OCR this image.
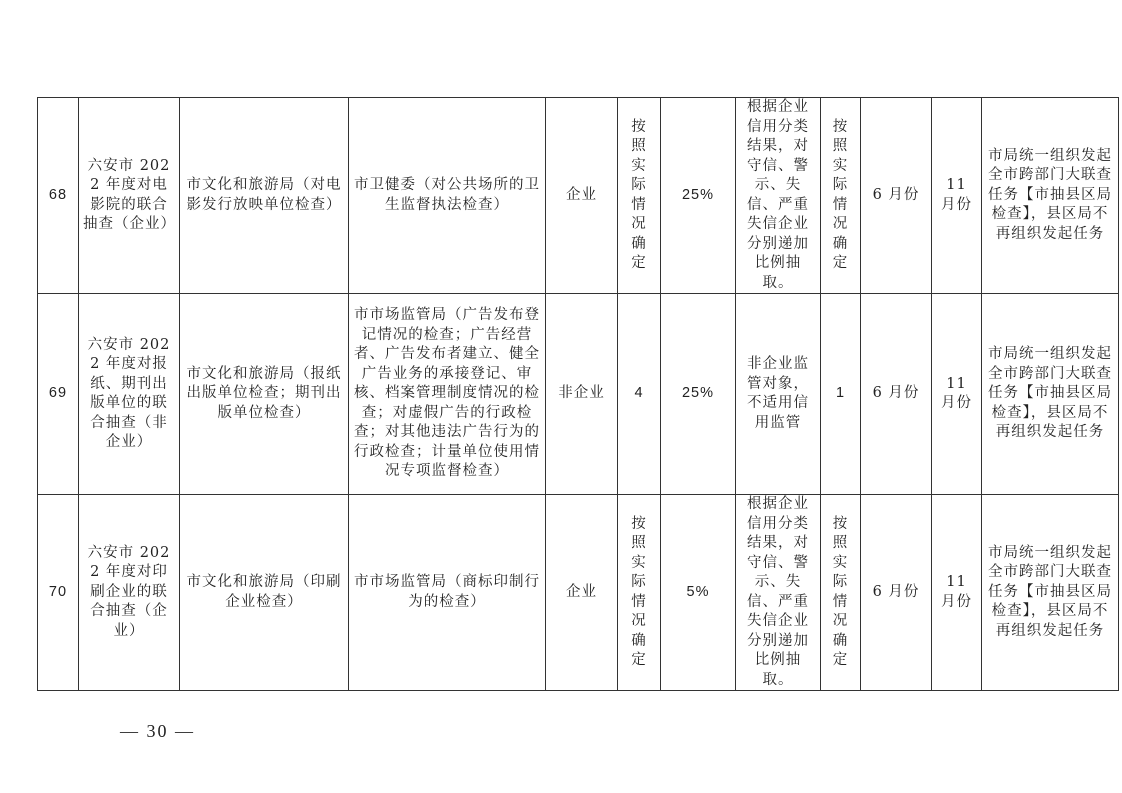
68	六安市 2022 年度对电影院的联合抽查（企业）	市文化和旅游局（对电影发行放映单位检查）	市卫健委（对公共场所的卫生监督执法检查）	企业	按照实际情况确定	25%	根据企业信用分类结果，对守信、警示、失信、严重失信企业分别递加比例抽取。	按照实际情况确定	6 月份	11 月份	市局统一组织发起全市跨部门大联查任务【市抽县区局检查】，县区局不再组织发起任务
69	六安市 2022 年度对报纸、期刊出版单位的联合抽查（非企业）	市文化和旅游局（报纸出版单位检查；期刊出版单位检查）	市市场监管局（广告发布登记情况的检查；广告经营者、广告发布者建立、健全广告业务的承接登记、审核、档案管理制度情况的检查；对虚假广告的行政检查；对其他违法广告行为的行政检查；计量单位使用情况专项监督检查）	非企业	4	25%	非企业监管对象，不适用信用监管	1	6 月份	11 月份	市局统一组织发起全市跨部门大联查任务【市抽县区局检查】，县区局不再组织发起任务
70	六安市 2022 年度对印刷企业的联合抽查（企业）	市文化和旅游局（印刷企业检查）	市市场监管局（商标印制行为的检查）	企业	按照实际情况确定	5%	根据企业信用分类结果，对守信、警示、失信、严重失信企业分别递加比例抽取。	按照实际情况确定	6 月份	11 月份	市局统一组织发起全市跨部门大联查任务【市抽县区局检查】，县区局不再组织发起任务
— 30 —
